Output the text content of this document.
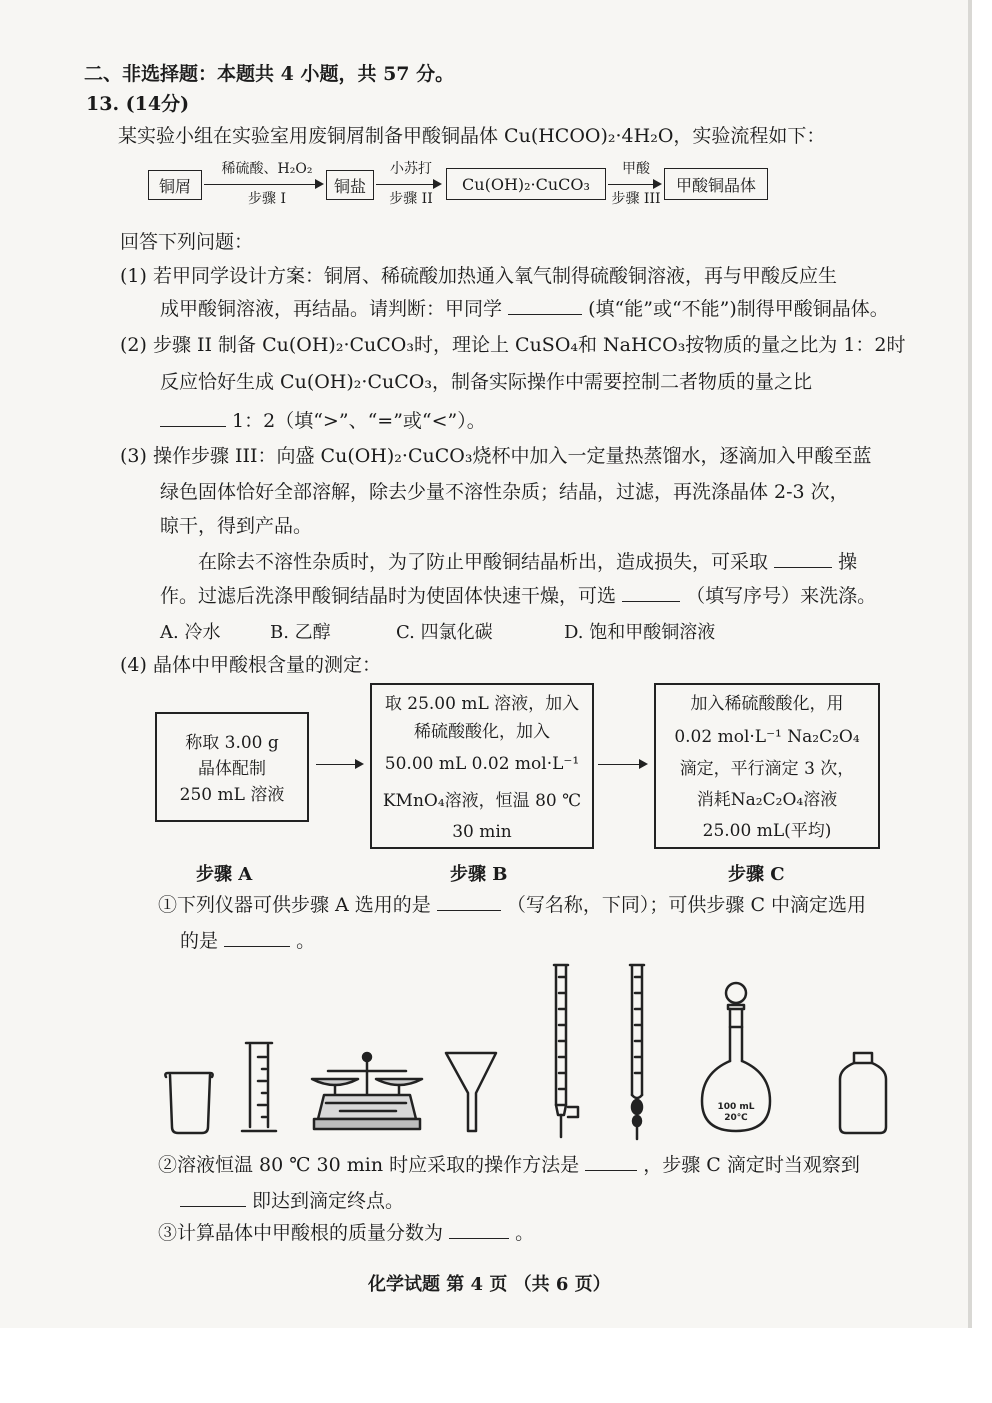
二、非选择题：本题共 4 小题，共 57 分。
13. (14分)
某实验小组在实验室用废铜屑制备甲酸铜晶体 Cu(HCOO)₂·4H₂O，实验流程如下：
铜屑
稀硫酸、H₂O₂
步骤 I
铜盐
小苏打
步骤 II
Cu(OH)₂·CuCO₃
甲酸
步骤 III
甲酸铜晶体
回答下列问题：
(1) 若甲同学设计方案：铜屑、稀硫酸加热通入氧气制得硫酸铜溶液，再与甲酸反应生
成甲酸铜溶液，再结晶。请判断：甲同学	(填“能”或“不能”)制得甲酸铜晶体。
(2) 步骤 II 制备 Cu(OH)₂·CuCO₃时，理论上 CuSO₄和 NaHCO₃按物质的量之比为 1：2时
反应恰好生成 Cu(OH)₂·CuCO₃，制备实际操作中需要控制二者物质的量之比
1：2（填“>”、“=”或“<”）。
(3) 操作步骤 III：向盛 Cu(OH)₂·CuCO₃烧杯中加入一定量热蒸馏水，逐滴加入甲酸至蓝
绿色固体恰好全部溶解，除去少量不溶性杂质；结晶，过滤，再洗涤晶体 2-3 次，
晾干，得到产品。
在除去不溶性杂质时，为了防止甲酸铜结晶析出，造成损失，可采取	操
作。过滤后洗涤甲酸铜结晶时为使固体快速干燥，可选	（填写序号）来洗涤。
A. 冷水	B. 乙醇	C. 四氯化碳	D. 饱和甲酸铜溶液
(4) 晶体中甲酸根含量的测定：
称取 3.00 g
晶体配制
250 mL 溶液
取 25.00 mL 溶液，加入
稀硫酸酸化，加入
50.00 mL 0.02 mol·L⁻¹
KMnO₄溶液，恒温 80 ℃
30 min
加入稀硫酸酸化，用
0.02 mol·L⁻¹ Na₂C₂O₄
滴定，平行滴定 3 次，
消耗Na₂C₂O₄溶液
25.00 mL(平均)
步骤 A	步骤 B	步骤 C
①下列仪器可供步骤 A 选用的是	（写名称，下同）；可供步骤 C 中滴定选用
的是	。
100 mL
20℃
②溶液恒温 80 ℃ 30 min 时应采取的操作方法是	，步骤 C 滴定时当观察到
即达到滴定终点。
③计算晶体中甲酸根的质量分数为	。
化学试题 第 4 页 （共 6 页）
